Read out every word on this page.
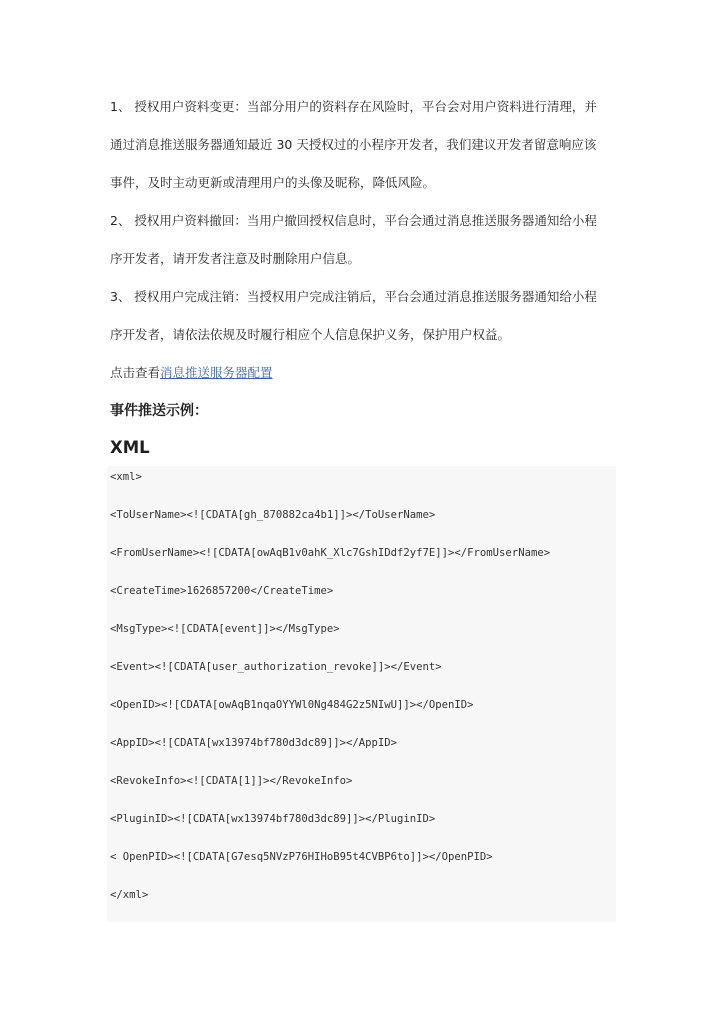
1、 授权用户资料变更：当部分用户的资料存在风险时，平台会对用户资料进行清理，并
通过消息推送服务器通知最近 30 天授权过的小程序开发者，我们建议开发者留意响应该
事件，及时主动更新或清理用户的头像及昵称，降低风险。
2、 授权用户资料撤回：当用户撤回授权信息时，平台会通过消息推送服务器通知给小程
序开发者，请开发者注意及时删除用户信息。
3、 授权用户完成注销：当授权用户完成注销后，平台会通过消息推送服务器通知给小程
序开发者，请依法依规及时履行相应个人信息保护义务，保护用户权益。
点击查看消息推送服务器配置
事件推送示例：
XML
<xml>
<ToUserName><![CDATA[gh_870882ca4b1]]></ToUserName>
<FromUserName><![CDATA[owAqB1v0ahK_Xlc7GshIDdf2yf7E]]></FromUserName>
<CreateTime>1626857200</CreateTime>
<MsgType><![CDATA[event]]></MsgType>
<Event><![CDATA[user_authorization_revoke]]></Event>
<OpenID><![CDATA[owAqB1nqaOYYWl0Ng484G2z5NIwU]]></OpenID>
<AppID><![CDATA[wx13974bf780d3dc89]]></AppID>
<RevokeInfo><![CDATA[1]]></RevokeInfo>
<PluginID><![CDATA[wx13974bf780d3dc89]]></PluginID>
< OpenPID><![CDATA[G7esq5NVzP76HIHoB95t4CVBP6to]]></OpenPID>
</xml>
